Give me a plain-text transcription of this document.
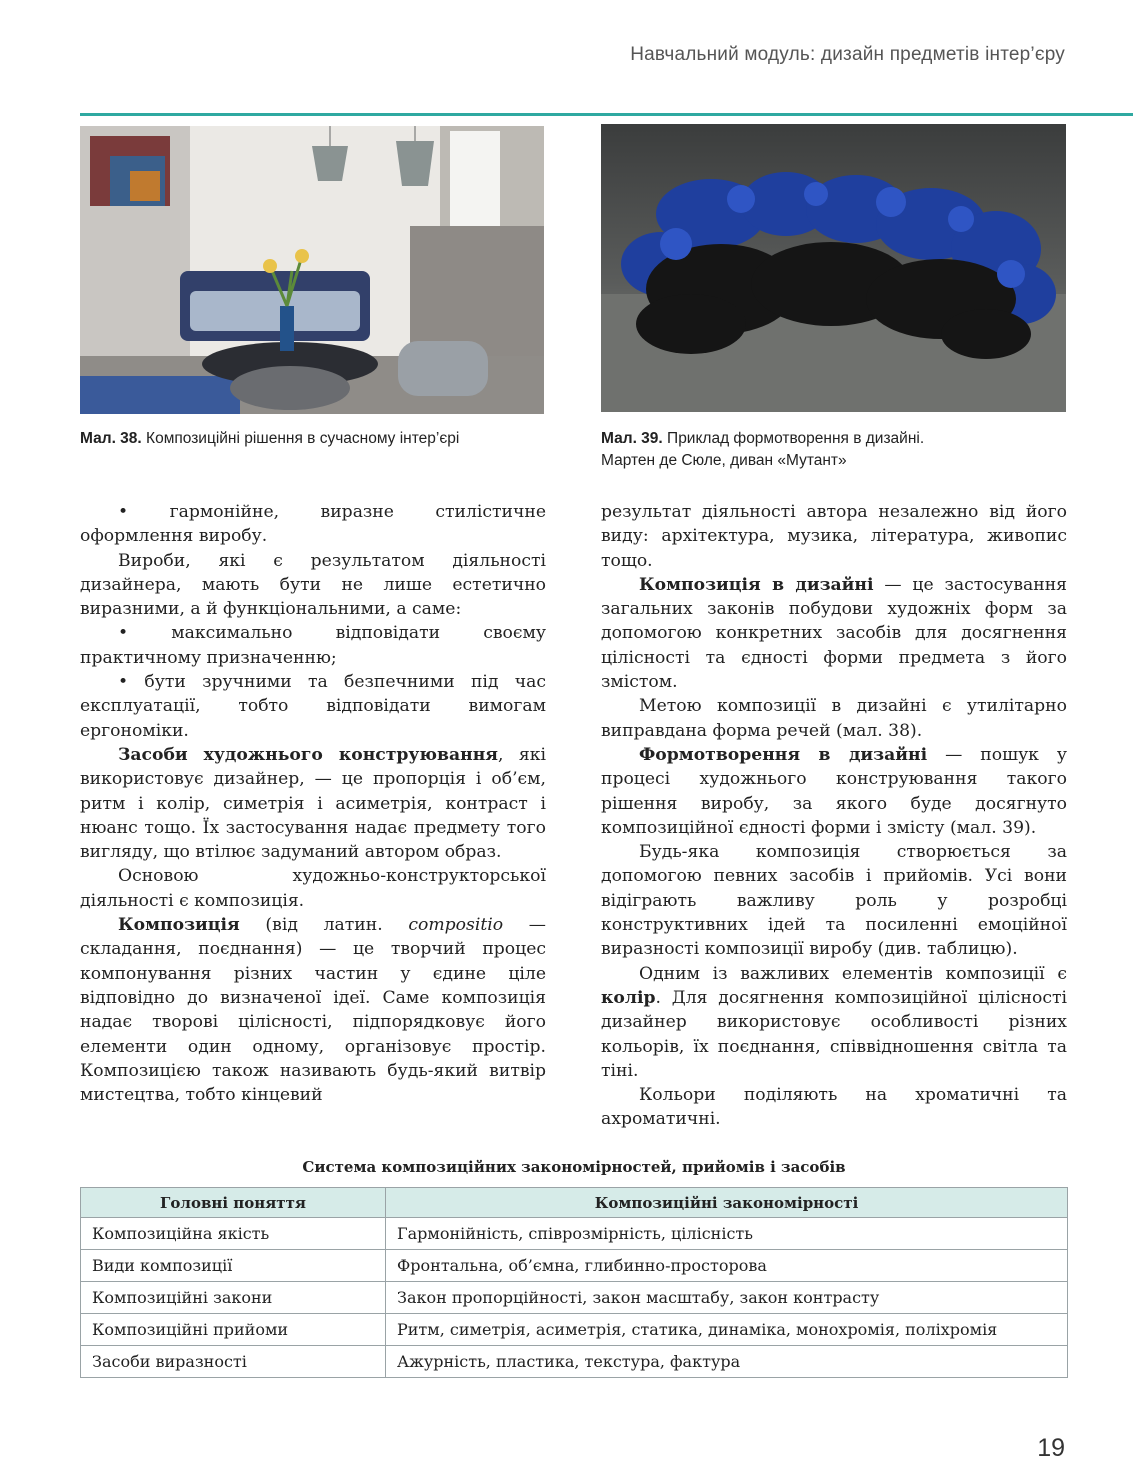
Навчальний модуль: дизайн предметів інтер’єру
Мал. 38. Композиційні рішення в сучасному інтер’єрі	Мал. 39. Приклад формотворення в дизайні.
Мартен де Сюле, диван «Мутант»

• гармонійне, виразне стилістичне оформлення виробу.

Вироби, які є результатом діяльності дизайнера, мають бути не лише естетично виразними, а й функціональними, а саме:

• максимально відповідати своєму практичному призначенню;

• бути зручними та безпечними під час експлуатації, тобто відповідати вимогам ергономіки.

Засоби художнього конструювання, які використовує дизайнер, — це пропорція і об’єм, ритм і колір, симетрія і асиметрія, контраст і нюанс тощо. Їх застосування надає предмету того вигляду, що втілює задуманий автором образ.

Основою художньо-конструкторської діяльності є композиція.

Композиція (від латин. compositio — складання, поєднання) — це творчий процес компонування різних частин у єдине ціле відповідно до визначеної ідеї. Саме композиція надає творові цілісності, підпорядковує його елементи один одному, організовує простір. Композицією також називають будь-який витвір мистецтва, тобто кінцевий

результат діяльності автора незалежно від його виду: архітектура, музика, література, живопис тощо.

Композиція в дизайні — це застосування загальних законів побудови художніх форм за допомогою конкретних засобів для досягнення цілісності та єдності форми предмета з його змістом.

Метою композиції в дизайні є утилітарно виправдана форма речей (мал. 38).

Формотворення в дизайні — пошук у процесі художнього конструювання такого рішення виробу, за якого буде досягнуто композиційної єдності форми і змісту (мал. 39).

Будь-яка композиція створюється за допомогою певних засобів і прийомів. Усі вони відіграють важливу роль у розробці конструктивних ідей та посиленні емоційної виразності композиції виробу (див. таблицю).

Одним із важливих елементів композиції є колір. Для досягнення композиційної цілісності дизайнер використовує особливості різних кольорів, їх поєднання, співвідношення світла та тіні.

Кольори поділяють на хроматичні та ахроматичні.

Система композиційних закономірностей, прийомів і засобів
Головні поняття	Композиційні закономірності
Композиційна якість	Гармонійність, співрозмірність, цілісність
Види композиції	Фронтальна, об’ємна, глибинно-просторова
Композиційні закони	Закон пропорційності, закон масштабу, закон контрасту
Композиційні прийоми	Ритм, симетрія, асиметрія, статика, динаміка, монохромія, поліхромія
Засоби виразності	Ажурність, пластика, текстура, фактура
19
